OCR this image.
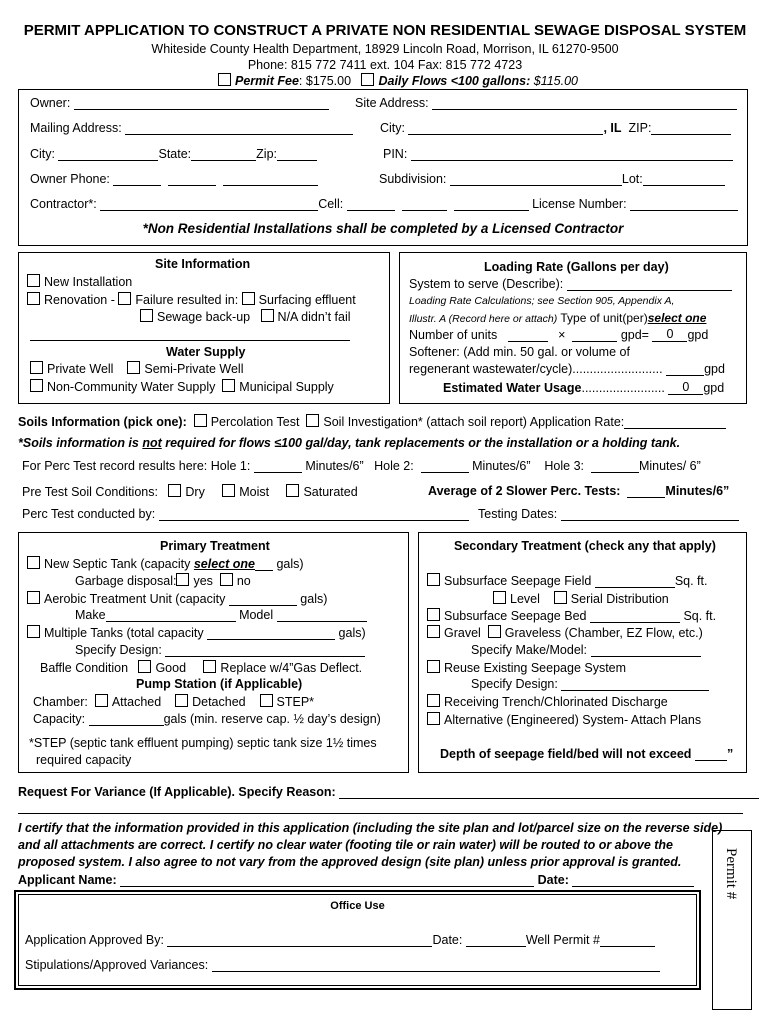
PERMIT APPLICATION TO CONSTRUCT A PRIVATE NON RESIDENTIAL SEWAGE DISPOSAL SYSTEM
Whiteside County Health Department, 18929 Lincoln Road, Morrison, IL 61270-9500
Phone: 815 772 7411 ext. 104 Fax: 815 772 4723
Permit Fee: $175.00 Daily Flows <100 gallons: $115.00
Owner:	Site Address:
Mailing Address:	City:	, IL ZIP:
City:	State:	Zip:	PIN:
Owner Phone:	Subdivision:	Lot:
Contractor*:	Cell:	License Number:
*Non Residential Installations shall be completed by a Licensed Contractor
Site Information
New Installation
Renovation - Failure resulted in: Surfacing effluent
Sewage back-up N/A didn’t fail
Water Supply
Private Well Semi-Private Well
Non-Community Water Supply Municipal Supply
Loading Rate (Gallons per day)
System to serve (Describe):
Loading Rate Calculations; see Section 905, Appendix A,
Illustr. A (Record here or attach) Type of unit(per)select one
Number of units	×	gpd= 0 gpd
Softener: (Add min. 50 gal. or volume of
regenerant wastewater/cycle)..........................	gpd
Estimated Water Usage........................ 0 gpd
Soils Information (pick one): Percolation Test Soil Investigation* (attach soil report) Application Rate:
*Soils information is not required for flows ≤100 gal/day, tank replacements or the installation or a holding tank.
For Perc Test record results here: Hole 1:	Minutes/6” Hole 2:	Minutes/6” Hole 3:	Minutes/ 6”
Pre Test Soil Conditions: Dry	Moist	Saturated	Average of 2 Slower Perc. Tests:	Minutes/6”
Perc Test conducted by:	Testing Dates:
Primary Treatment
New Septic Tank (capacity select one gals)
Garbage disposal: yes no
Aerobic Treatment Unit (capacity	gals)
Make	Model
Multiple Tanks (total capacity	gals)
Specify Design:
Baffle Condition Good	Replace w/4”Gas Deflect.
Pump Station (if Applicable)
Chamber: Attached Detached STEP*
Capacity:	gals (min. reserve cap. ½ day’s design)
*STEP (septic tank effluent pumping) septic tank size 1½ times
required capacity
Secondary Treatment (check any that apply)
Subsurface Seepage Field	Sq. ft.
Level Serial Distribution
Subsurface Seepage Bed	Sq. ft.
Gravel Graveless (Chamber, EZ Flow, etc.)
Specify Make/Model:
Reuse Existing Seepage System
Specify Design:
Receiving Trench/Chlorinated Discharge
Alternative (Engineered) System- Attach Plans
Depth of seepage field/bed will not exceed	”
Request For Variance (If Applicable). Specify Reason:
I certify that the information provided in this application (including the site plan and lot/parcel size on the reverse side)
and all attachments are correct. I certify no clear water (footing tile or rain water) will be routed to or above the
proposed system. I also agree to not vary from the approved design (site plan) unless prior approval is granted.
Applicant Name:	Date:	Permit #
Office Use
Application Approved By:	Date:	Well Permit #
Stipulations/Approved Variances:
